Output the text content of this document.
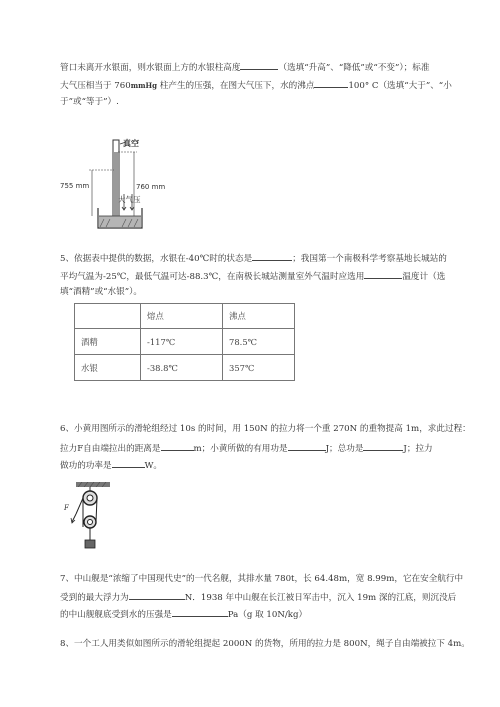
管口未离开水银面，则水银面上方的水银柱高度	（选填“升高”、“降低”或“不变”）；标准
大气压相当于 760mmHg 柱产生的压强，在图大气压下，水的沸点	100° C（选填“大于”、“小
于”或“等于”）.
真空
755 mm	760 mm
大气压
5、依据表中提供的数据，水银在-40℃时的状态是	；我国第一个南极科学考察基地长城站的
平均气温为-25℃，最低气温可达-88.3℃，在南极长城站测量室外气温时应选用	温度计（选
填“酒精”或“水银”）。
	熔点	沸点
酒精	-117℃	78.5℃
水银	-38.8℃	357℃
6、小黄用图所示的滑轮组经过 10s 的时间，用 150N 的拉力将一个重 270N 的重物提高 1m，求此过程：
拉力F自由端拉出的距离是	m；小黄所做的有用功是	J；总功是	J；拉力
做功的功率是	W。
F
7、中山舰是“浓缩了中国现代史”的一代名舰，其排水量 780t，长 64.48m，宽 8.99m，它在安全航行中
受到的最大浮力为	N．1938 年中山舰在长江被日军击中，沉入 19m 深的江底，则沉没后
的中山舰舰底受到水的压强是	Pa（g 取 10N/kg）
8、一个工人用类似如图所示的滑轮组提起 2000N 的货物，所用的拉力是 800N，绳子自由端被拉下 4m。
